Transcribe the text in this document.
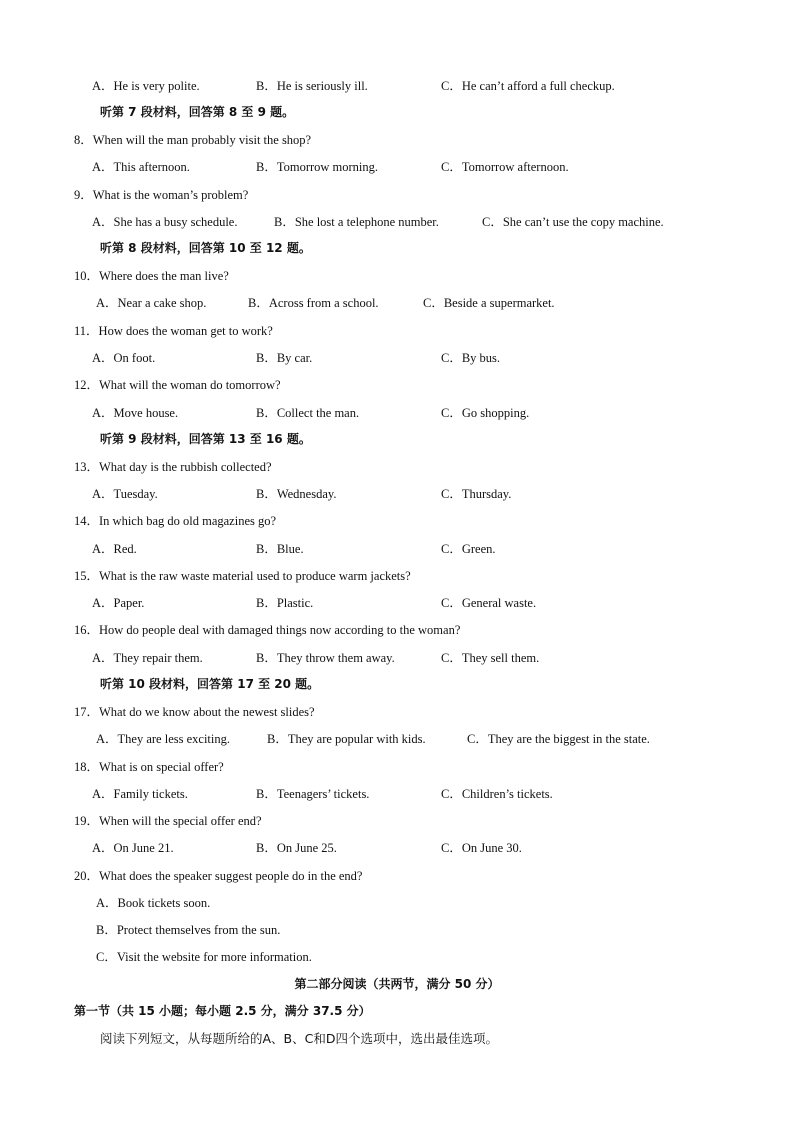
A．He is very polite.	B．He is seriously ill.	C．He can’t afford a full checkup.
听第 7 段材料，回答第 8 至 9 题。
8．When will the man probably visit the shop?
A．This afternoon.	B．Tomorrow morning.	C．Tomorrow afternoon.
9．What is the woman’s problem?
A．She has a busy schedule.	B．She lost a telephone number.	C．She can’t use the copy machine.
听第 8 段材料，回答第 10 至 12 题。
10．Where does the man live?
A．Near a cake shop.	B．Across from a school.	C．Beside a supermarket.
11．How does the woman get to work?
A．On foot.	B．By car.	C．By bus.
12．What will the woman do tomorrow?
A．Move house.	B．Collect the man.	C．Go shopping.
听第 9 段材料，回答第 13 至 16 题。
13．What day is the rubbish collected?
A．Tuesday.	B．Wednesday.	C．Thursday.
14．In which bag do old magazines go?
A．Red.	B．Blue.	C．Green.
15．What is the raw waste material used to produce warm jackets?
A．Paper.	B．Plastic.	C．General waste.
16．How do people deal with damaged things now according to the woman?
A．They repair them.	B．They throw them away.	C．They sell them.
听第 10 段材料，回答第 17 至 20 题。
17．What do we know about the newest slides?
A．They are less exciting.	B．They are popular with kids.	C．They are the biggest in the state.
18．What is on special offer?
A．Family tickets.	B．Teenagers’ tickets.	C．Children’s tickets.
19．When will the special offer end?
A．On June 21.	B．On June 25.	C．On June 30.
20．What does the speaker suggest people do in the end?
A．Book tickets soon.
B．Protect themselves from the sun.
C．Visit the website for more information.
第二部分阅读（共两节，满分 50 分）
第一节（共 15 小题；每小题 2.5 分，满分 37.5 分）
阅读下列短文，从每题所给的A、B、C和D四个选项中，选出最佳选项。
